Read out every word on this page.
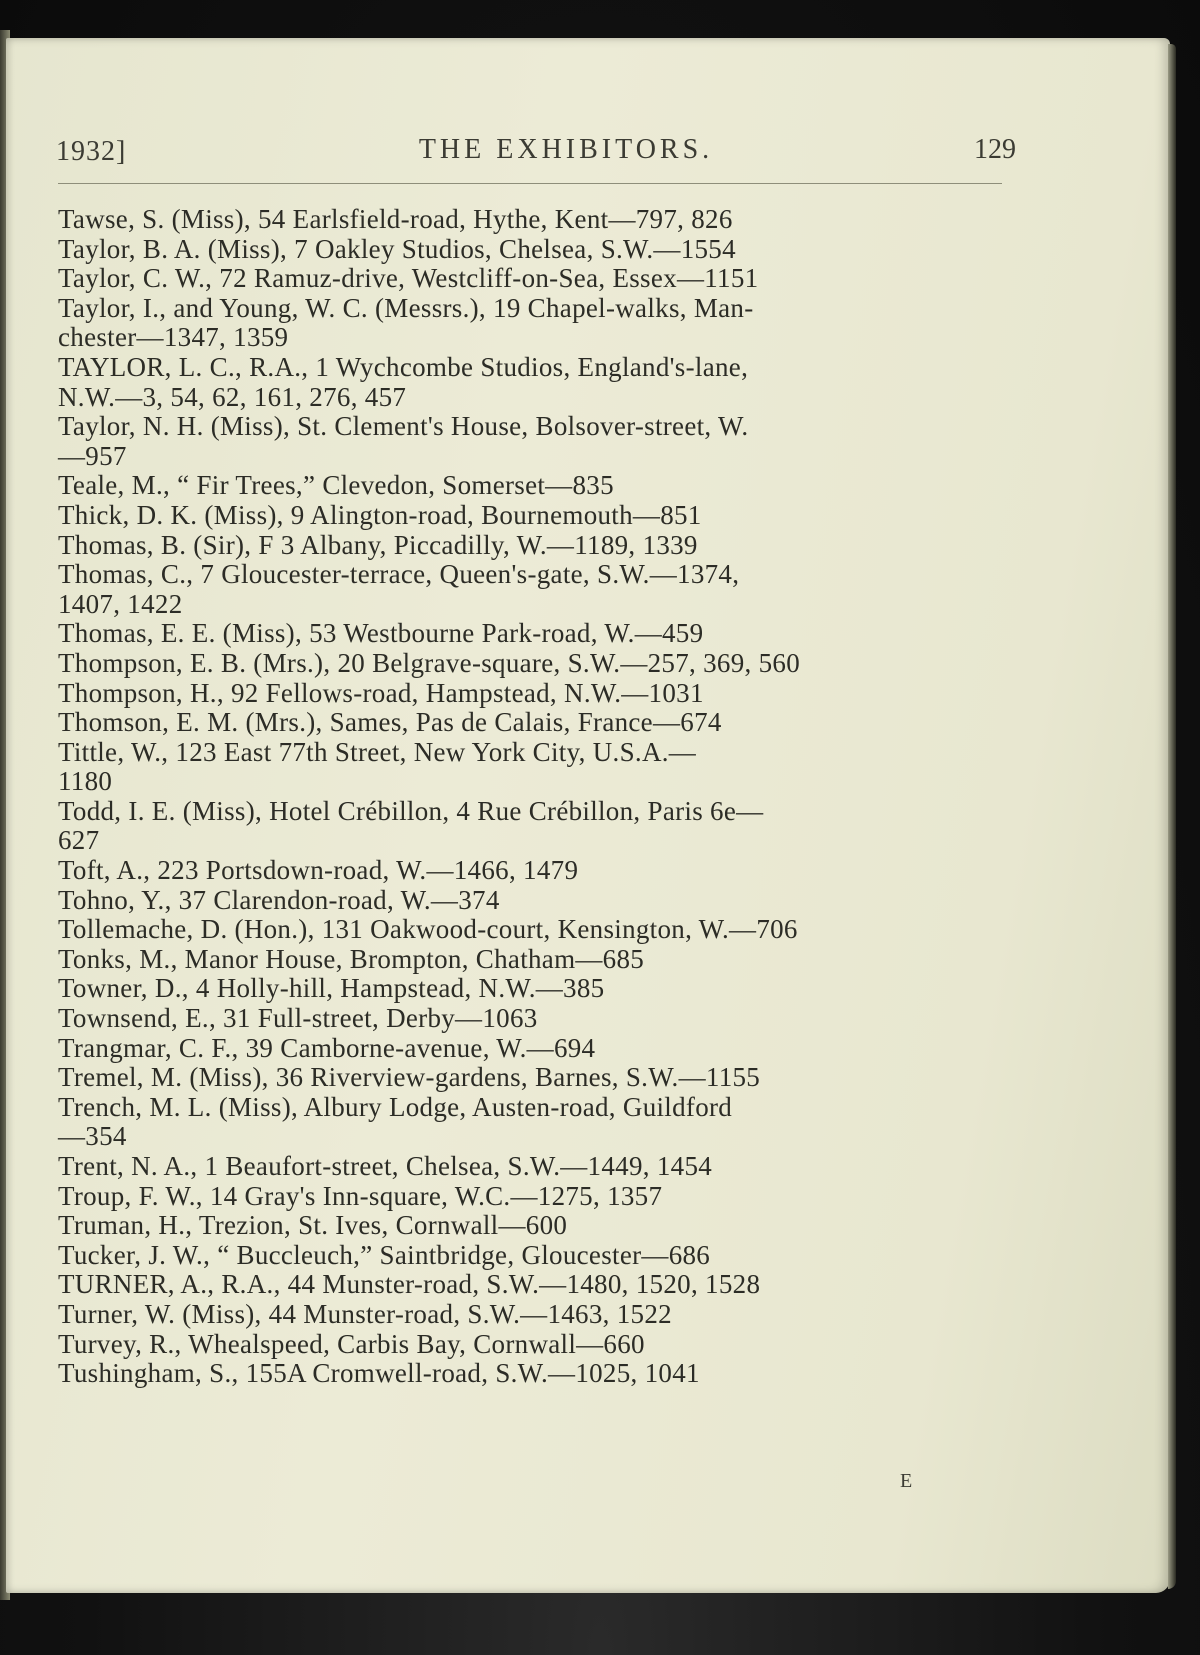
1932]	THE EXHIBITORS.	129
Tawse, S. (Miss), 54 Earlsfield-road, Hythe, Kent—797, 826
Taylor, B. A. (Miss), 7 Oakley Studios, Chelsea, S.W.—1554
Taylor, C. W., 72 Ramuz-drive, Westcliff-on-Sea, Essex—1151
Taylor, I., and Young, W. C. (Messrs.), 19 Chapel-walks, Man-
chester—1347, 1359
TAYLOR, L. C., R.A., 1 Wychcombe Studios, England's-lane,
N.W.—3, 54, 62, 161, 276, 457
Taylor, N. H. (Miss), St. Clement's House, Bolsover-street, W.
—957
Teale, M., “ Fir Trees,” Clevedon, Somerset—835
Thick, D. K. (Miss), 9 Alington-road, Bournemouth—851
Thomas, B. (Sir), F 3 Albany, Piccadilly, W.—1189, 1339
Thomas, C., 7 Gloucester-terrace, Queen's-gate, S.W.—1374,
1407, 1422
Thomas, E. E. (Miss), 53 Westbourne Park-road, W.—459
Thompson, E. B. (Mrs.), 20 Belgrave-square, S.W.—257, 369, 560
Thompson, H., 92 Fellows-road, Hampstead, N.W.—1031
Thomson, E. M. (Mrs.), Sames, Pas de Calais, France—674
Tittle, W., 123 East 77th Street, New York City, U.S.A.—
1180
Todd, I. E. (Miss), Hotel Crébillon, 4 Rue Crébillon, Paris 6e—
627
Toft, A., 223 Portsdown-road, W.—1466, 1479
Tohno, Y., 37 Clarendon-road, W.—374
Tollemache, D. (Hon.), 131 Oakwood-court, Kensington, W.—706
Tonks, M., Manor House, Brompton, Chatham—685
Towner, D., 4 Holly-hill, Hampstead, N.W.—385
Townsend, E., 31 Full-street, Derby—1063
Trangmar, C. F., 39 Camborne-avenue, W.—694
Tremel, M. (Miss), 36 Riverview-gardens, Barnes, S.W.—1155
Trench, M. L. (Miss), Albury Lodge, Austen-road, Guildford
—354
Trent, N. A., 1 Beaufort-street, Chelsea, S.W.—1449, 1454
Troup, F. W., 14 Gray's Inn-square, W.C.—1275, 1357
Truman, H., Trezion, St. Ives, Cornwall—600
Tucker, J. W., “ Buccleuch,” Saintbridge, Gloucester—686
TURNER, A., R.A., 44 Munster-road, S.W.—1480, 1520, 1528
Turner, W. (Miss), 44 Munster-road, S.W.—1463, 1522
Turvey, R., Whealspeed, Carbis Bay, Cornwall—660
Tushingham, S., 155A Cromwell-road, S.W.—1025, 1041
E
